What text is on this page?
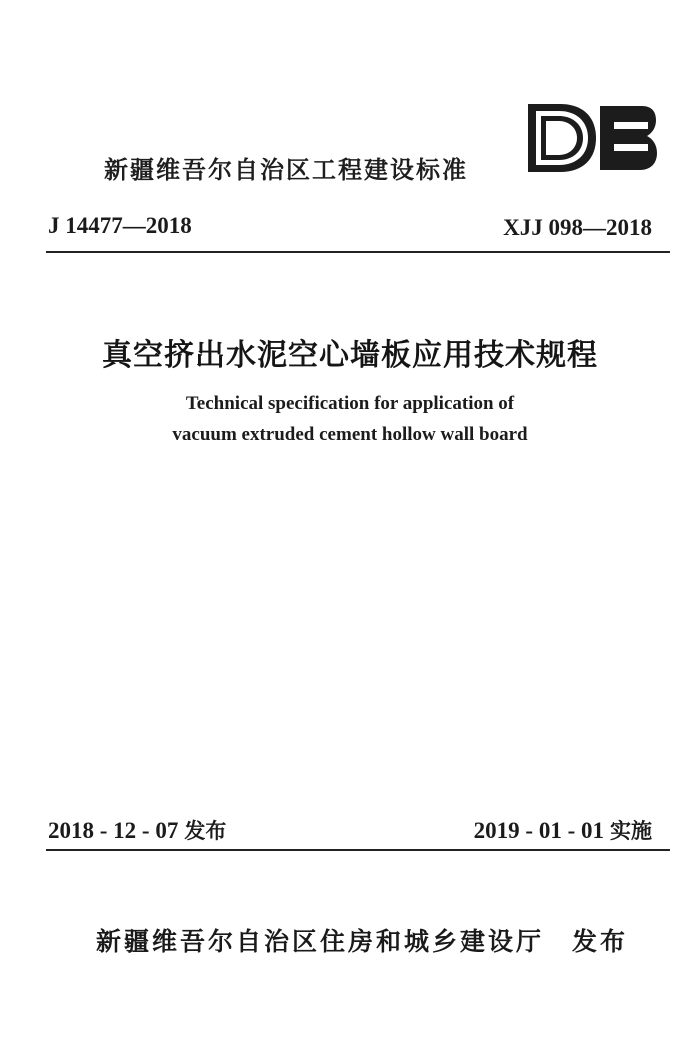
新疆维吾尔自治区工程建设标准
J 14477—2018	XJJ 098—2018
真空挤出水泥空心墙板应用技术规程
Technical specification for application of
vacuum extruded cement hollow wall board
2018 - 12 - 07 发布	2019 - 01 - 01 实施
新疆维吾尔自治区住房和城乡建设厅 发布
